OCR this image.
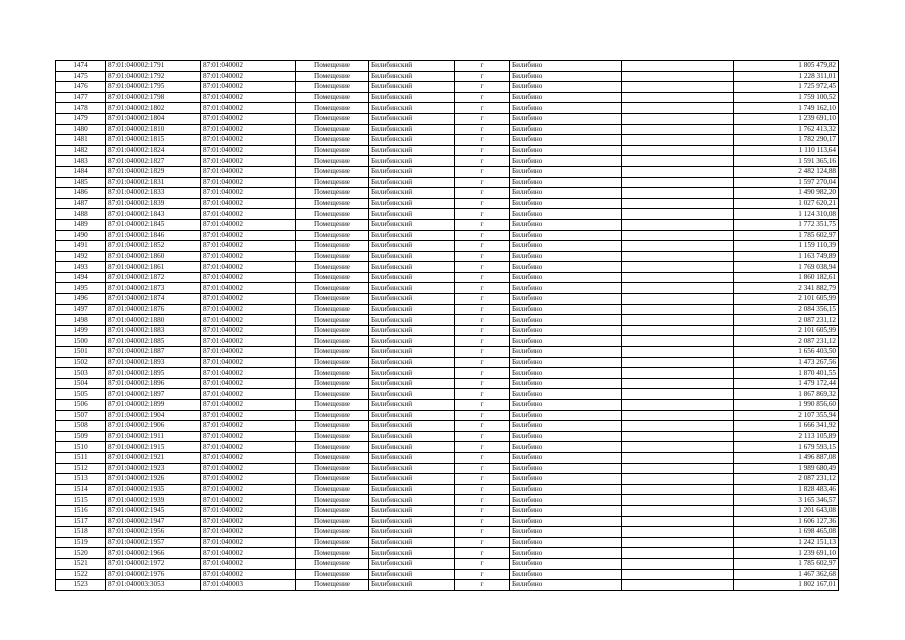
1474	87:01:040002:1791	87:01:040002	Помещение	Билибинский	г	Билибино		1 805 479,82
1475	87:01:040002:1792	87:01:040002	Помещение	Билибинский	г	Билибино		1 228 311,01
1476	87:01:040002:1795	87:01:040002	Помещение	Билибинский	г	Билибино		1 725 972,45
1477	87:01:040002:1798	87:01:040002	Помещение	Билибинский	г	Билибино		1 759 100,52
1478	87:01:040002:1802	87:01:040002	Помещение	Билибинский	г	Билибино		1 749 162,10
1479	87:01:040002:1804	87:01:040002	Помещение	Билибинский	г	Билибино		1 239 691,10
1480	87:01:040002:1810	87:01:040002	Помещение	Билибинский	г	Билибино		1 762 413,32
1481	87:01:040002:1815	87:01:040002	Помещение	Билибинский	г	Билибино		1 782 290,17
1482	87:01:040002:1824	87:01:040002	Помещение	Билибинский	г	Билибино		1 110 113,64
1483	87:01:040002:1827	87:01:040002	Помещение	Билибинский	г	Билибино		1 591 365,16
1484	87:01:040002:1829	87:01:040002	Помещение	Билибинский	г	Билибино		2 482 124,88
1485	87:01:040002:1831	87:01:040002	Помещение	Билибинский	г	Билибино		1 597 270,04
1486	87:01:040002:1833	87:01:040002	Помещение	Билибинский	г	Билибино		1 490 982,20
1487	87:01:040002:1839	87:01:040002	Помещение	Билибинский	г	Билибино		1 027 620,21
1488	87:01:040002:1843	87:01:040002	Помещение	Билибинский	г	Билибино		1 124 310,08
1489	87:01:040002:1845	87:01:040002	Помещение	Билибинский	г	Билибино		1 772 351,75
1490	87:01:040002:1846	87:01:040002	Помещение	Билибинский	г	Билибино		1 785 602,97
1491	87:01:040002:1852	87:01:040002	Помещение	Билибинский	г	Билибино		1 159 110,39
1492	87:01:040002:1860	87:01:040002	Помещение	Билибинский	г	Билибино		1 163 749,89
1493	87:01:040002:1861	87:01:040002	Помещение	Билибинский	г	Билибино		1 769 038,94
1494	87:01:040002:1872	87:01:040002	Помещение	Билибинский	г	Билибино		1 860 182,61
1495	87:01:040002:1873	87:01:040002	Помещение	Билибинский	г	Билибино		2 341 882,79
1496	87:01:040002:1874	87:01:040002	Помещение	Билибинский	г	Билибино		2 101 605,99
1497	87:01:040002:1876	87:01:040002	Помещение	Билибинский	г	Билибино		2 084 356,15
1498	87:01:040002:1880	87:01:040002	Помещение	Билибинский	г	Билибино		2 087 231,12
1499	87:01:040002:1883	87:01:040002	Помещение	Билибинский	г	Билибино		2 101 605,99
1500	87:01:040002:1885	87:01:040002	Помещение	Билибинский	г	Билибино		2 087 231,12
1501	87:01:040002:1887	87:01:040002	Помещение	Билибинский	г	Билибино		1 656 403,50
1502	87:01:040002:1893	87:01:040002	Помещение	Билибинский	г	Билибино		1 473 267,56
1503	87:01:040002:1895	87:01:040002	Помещение	Билибинский	г	Билибино		1 870 401,55
1504	87:01:040002:1896	87:01:040002	Помещение	Билибинский	г	Билибино		1 479 172,44
1505	87:01:040002:1897	87:01:040002	Помещение	Билибинский	г	Билибино		1 867 869,32
1506	87:01:040002:1899	87:01:040002	Помещение	Билибинский	г	Билибино		1 990 856,60
1507	87:01:040002:1904	87:01:040002	Помещение	Билибинский	г	Билибино		2 107 355,94
1508	87:01:040002:1906	87:01:040002	Помещение	Билибинский	г	Билибино		1 666 341,92
1509	87:01:040002:1911	87:01:040002	Помещение	Билибинский	г	Билибино		2 113 105,89
1510	87:01:040002:1915	87:01:040002	Помещение	Билибинский	г	Билибино		1 679 593,15
1511	87:01:040002:1921	87:01:040002	Помещение	Билибинский	г	Билибино		1 496 887,08
1512	87:01:040002:1923	87:01:040002	Помещение	Билибинский	г	Билибино		1 989 680,49
1513	87:01:040002:1926	87:01:040002	Помещение	Билибинский	г	Билибино		2 087 231,12
1514	87:01:040002:1935	87:01:040002	Помещение	Билибинский	г	Билибино		1 828 483,46
1515	87:01:040002:1939	87:01:040002	Помещение	Билибинский	г	Билибино		3 165 346,57
1516	87:01:040002:1945	87:01:040002	Помещение	Билибинский	г	Билибино		1 201 643,08
1517	87:01:040002:1947	87:01:040002	Помещение	Билибинский	г	Билибино		1 606 127,36
1518	87:01:040002:1956	87:01:040002	Помещение	Билибинский	г	Билибино		1 698 465,08
1519	87:01:040002:1957	87:01:040002	Помещение	Билибинский	г	Билибино		1 242 151,13
1520	87:01:040002:1966	87:01:040002	Помещение	Билибинский	г	Билибино		1 239 691,10
1521	87:01:040002:1972	87:01:040002	Помещение	Билибинский	г	Билибино		1 785 602,97
1522	87:01:040002:1976	87:01:040002	Помещение	Билибинский	г	Билибино		1 467 362,68
1523	87:01:040003:3053	87:01:040003	Помещение	Билибинский	г	Билибино		1 802 167,01
